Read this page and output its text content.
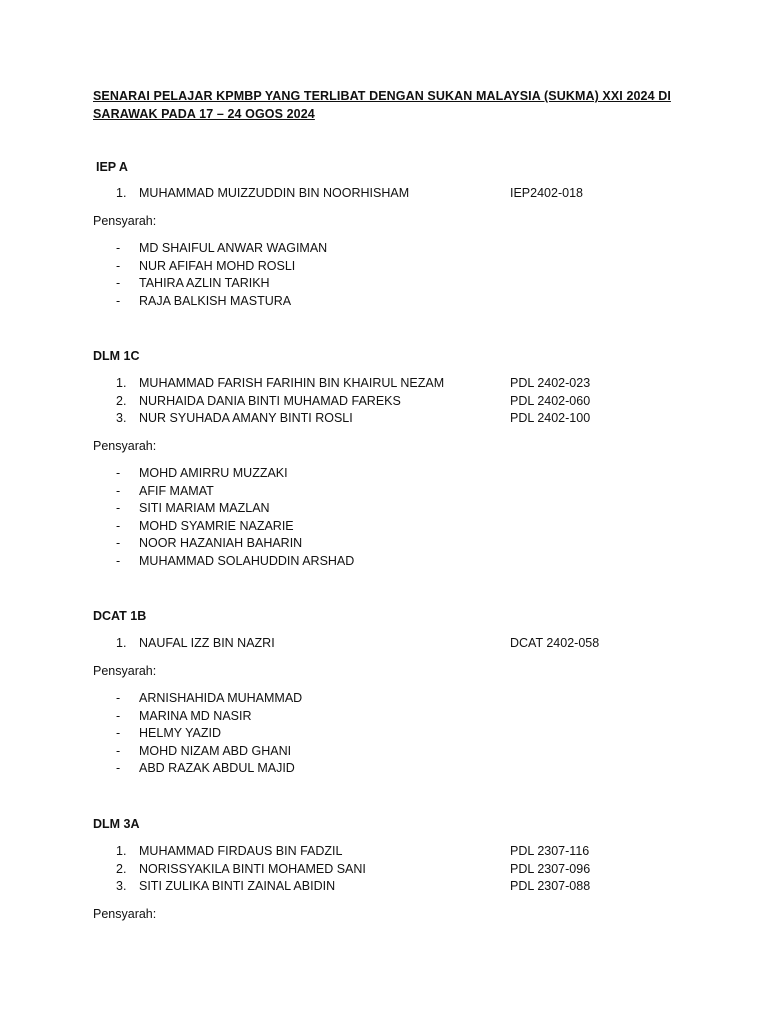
SENARAI PELAJAR KPMBP YANG TERLIBAT DENGAN SUKAN MALAYSIA (SUKMA) XXI 2024 DI SARAWAK PADA 17 – 24 OGOS 2024
IEP A
1. MUHAMMAD MUIZZUDDIN BIN NOORHISHAM	IEP2402-018
Pensyarah:
- MD SHAIFUL ANWAR WAGIMAN
- NUR AFIFAH MOHD ROSLI
- TAHIRA AZLIN TARIKH
- RAJA BALKISH MASTURA
DLM 1C
1. MUHAMMAD FARISH FARIHIN BIN KHAIRUL NEZAM	PDL 2402-023
2. NURHAIDA DANIA BINTI MUHAMAD FAREKS	PDL 2402-060
3. NUR SYUHADA AMANY BINTI ROSLI	PDL 2402-100
Pensyarah:
- MOHD AMIRRU MUZZAKI
- AFIF MAMAT
- SITI MARIAM MAZLAN
- MOHD SYAMRIE NAZARIE
- NOOR HAZANIAH BAHARIN
- MUHAMMAD SOLAHUDDIN ARSHAD
DCAT 1B
1. NAUFAL IZZ BIN NAZRI	DCAT 2402-058
Pensyarah:
- ARNISHAHIDA MUHAMMAD
- MARINA MD NASIR
- HELMY YAZID
- MOHD NIZAM ABD GHANI
- ABD RAZAK ABDUL MAJID
DLM 3A
1. MUHAMMAD FIRDAUS BIN FADZIL	PDL 2307-116
2. NORISSYAKILA BINTI MOHAMED SANI	PDL 2307-096
3. SITI ZULIKA BINTI ZAINAL ABIDIN	PDL 2307-088
Pensyarah:
